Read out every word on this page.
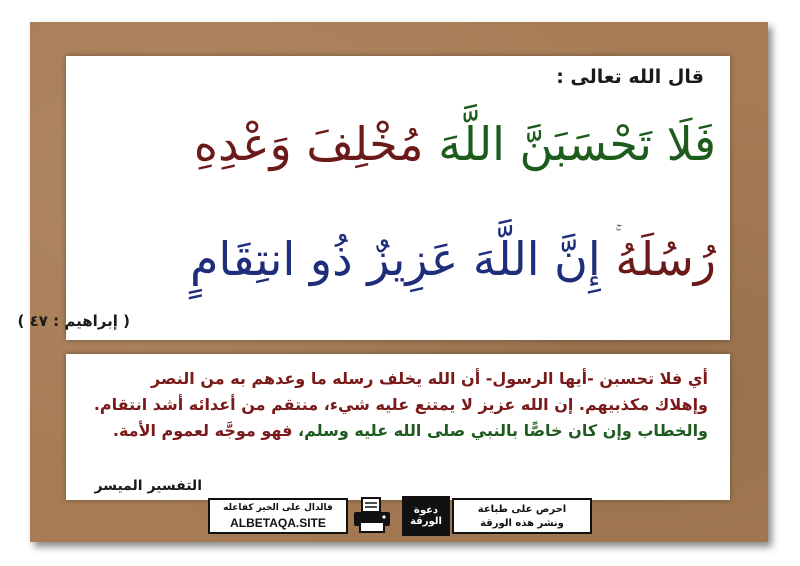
قال الله تعالى :
فَلَا تَحْسَبَنَّ اللَّهَ مُخْلِفَ وَعْدِهِ
رُسُلَهُ إِنَّ اللَّهَ عَزِيزٌ ذُو انتِقَامٍ
( إبراهيم : ٤٧ )
أي فلا تحسبن -أيها الرسول- أن الله يخلف رسله ما وعدهم به من النصر
وإهلاك مكذبيهم. إن الله عزيز لا يمتنع عليه شيء، منتقم من أعدائه أشد انتقام.
والخطاب وإن كان خاصًّا بالنبي صلى الله عليه وسلم، فهو موجَّه لعموم الأمة.
التفسير الميسر
فالدال على الخير كفاعله
ALBETAQA.SITE
دعوة الورقة
احرص على طباعة
ونشر هذه الورقة
